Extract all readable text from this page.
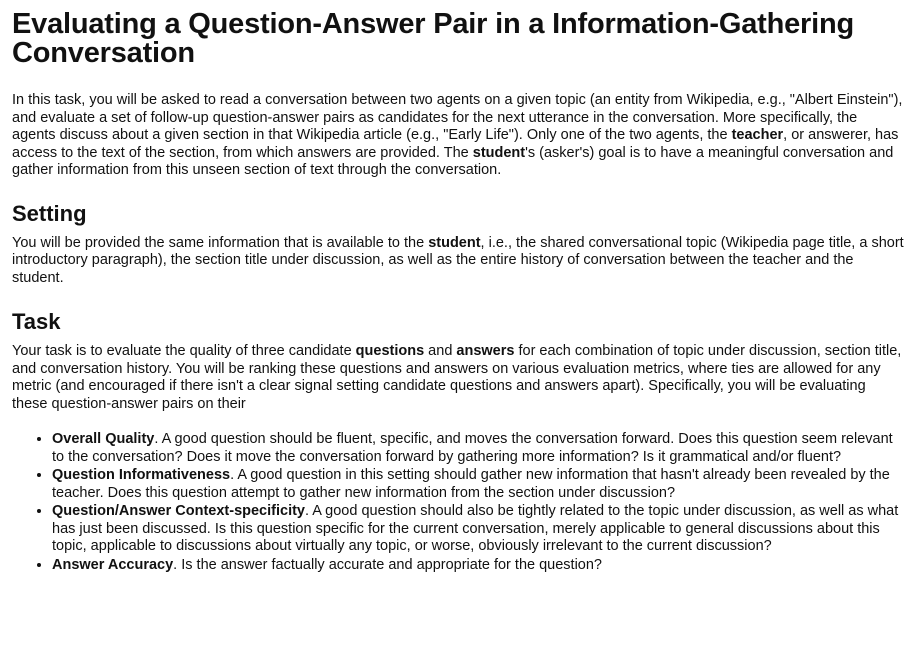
Evaluating a Question-Answer Pair in a Information-Gathering Conversation

In this task, you will be asked to read a conversation between two agents on a given topic (an entity from Wikipedia, e.g., "Albert Einstein"), and evaluate a set of follow-up question-answer pairs as candidates for the next utterance in the conversation. More specifically, the agents discuss about a given section in that Wikipedia article (e.g., "Early Life"). Only one of the two agents, the teacher, or answerer, has access to the text of the section, from which answers are provided. The student's (asker's) goal is to have a meaningful conversation and gather information from this unseen section of text through the conversation.

Setting

You will be provided the same information that is available to the student, i.e., the shared conversational topic (Wikipedia page title, a short introductory paragraph), the section title under discussion, as well as the entire history of conversation between the teacher and the student.

Task

Your task is to evaluate the quality of three candidate questions and answers for each combination of topic under discussion, section title, and conversation history. You will be ranking these questions and answers on various evaluation metrics, where ties are allowed for any metric (and encouraged if there isn't a clear signal setting candidate questions and answers apart). Specifically, you will be evaluating these question-answer pairs on their

• Overall Quality. A good question should be fluent, specific, and moves the conversation forward. Does this question seem relevant to the conversation? Does it move the conversation forward by gathering more information? Is it grammatical and/or fluent?
• Question Informativeness. A good question in this setting should gather new information that hasn't already been revealed by the teacher. Does this question attempt to gather new information from the section under discussion?
• Question/Answer Context-specificity. A good question should also be tightly related to the topic under discussion, as well as what has just been discussed. Is this question specific for the current conversation, merely applicable to general discussions about this topic, applicable to discussions about virtually any topic, or worse, obviously irrelevant to the current discussion?
• Answer Accuracy. Is the answer factually accurate and appropriate for the question?
